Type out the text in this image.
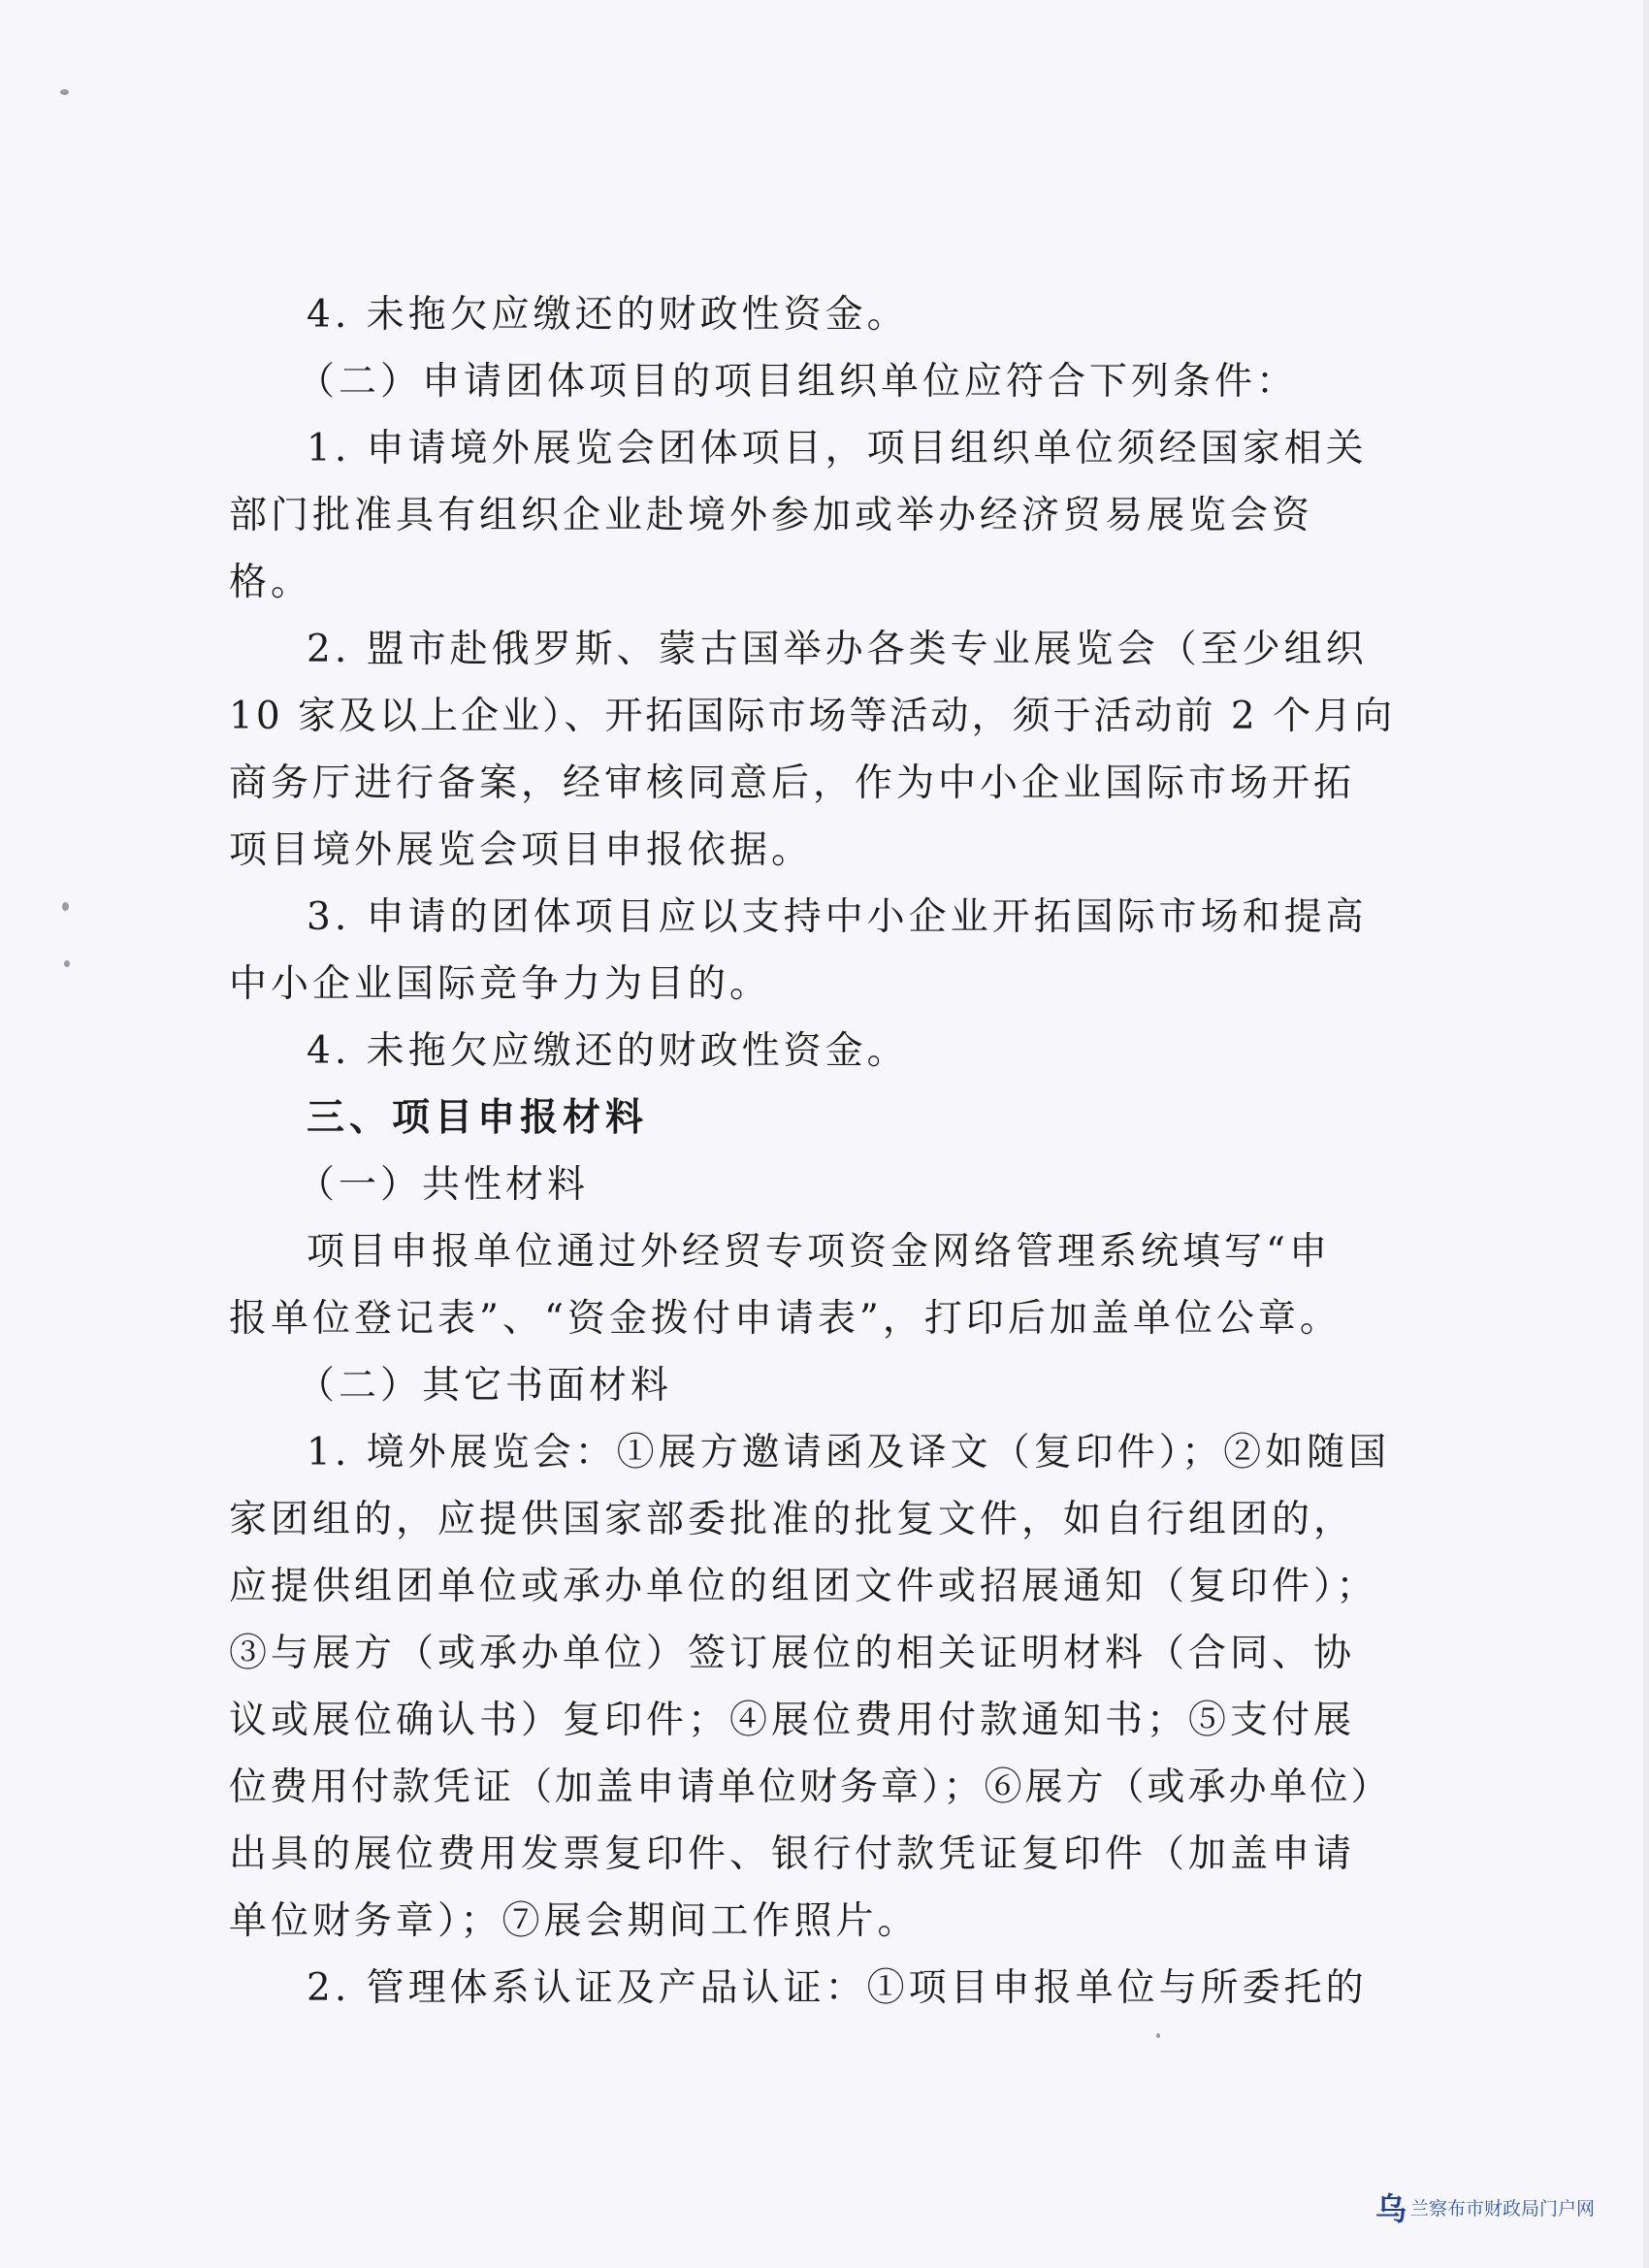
4. 未拖欠应缴还的财政性资金。
（二）申请团体项目的项目组织单位应符合下列条件：
1. 申请境外展览会团体项目，项目组织单位须经国家相关
部门批准具有组织企业赴境外参加或举办经济贸易展览会资
格。
2. 盟市赴俄罗斯、蒙古国举办各类专业展览会（至少组织
10 家及以上企业）、开拓国际市场等活动，须于活动前 2 个月向
商务厅进行备案，经审核同意后，作为中小企业国际市场开拓
项目境外展览会项目申报依据。
3. 申请的团体项目应以支持中小企业开拓国际市场和提高
中小企业国际竞争力为目的。
4. 未拖欠应缴还的财政性资金。
三、项目申报材料
（一）共性材料
项目申报单位通过外经贸专项资金网络管理系统填写“申
报单位登记表”、“资金拨付申请表”，打印后加盖单位公章。
（二）其它书面材料
1. 境外展览会：①展方邀请函及译文（复印件）；②如随国
家团组的，应提供国家部委批准的批复文件，如自行组团的，
应提供组团单位或承办单位的组团文件或招展通知（复印件）；
③与展方（或承办单位）签订展位的相关证明材料（合同、协
议或展位确认书）复印件；④展位费用付款通知书；⑤支付展
位费用付款凭证（加盖申请单位财务章）；⑥展方（或承办单位）
出具的展位费用发票复印件、银行付款凭证复印件（加盖申请
单位财务章）；⑦展会期间工作照片。
2. 管理体系认证及产品认证：①项目申报单位与所委托的
乌 兰察布市财政局门户网
